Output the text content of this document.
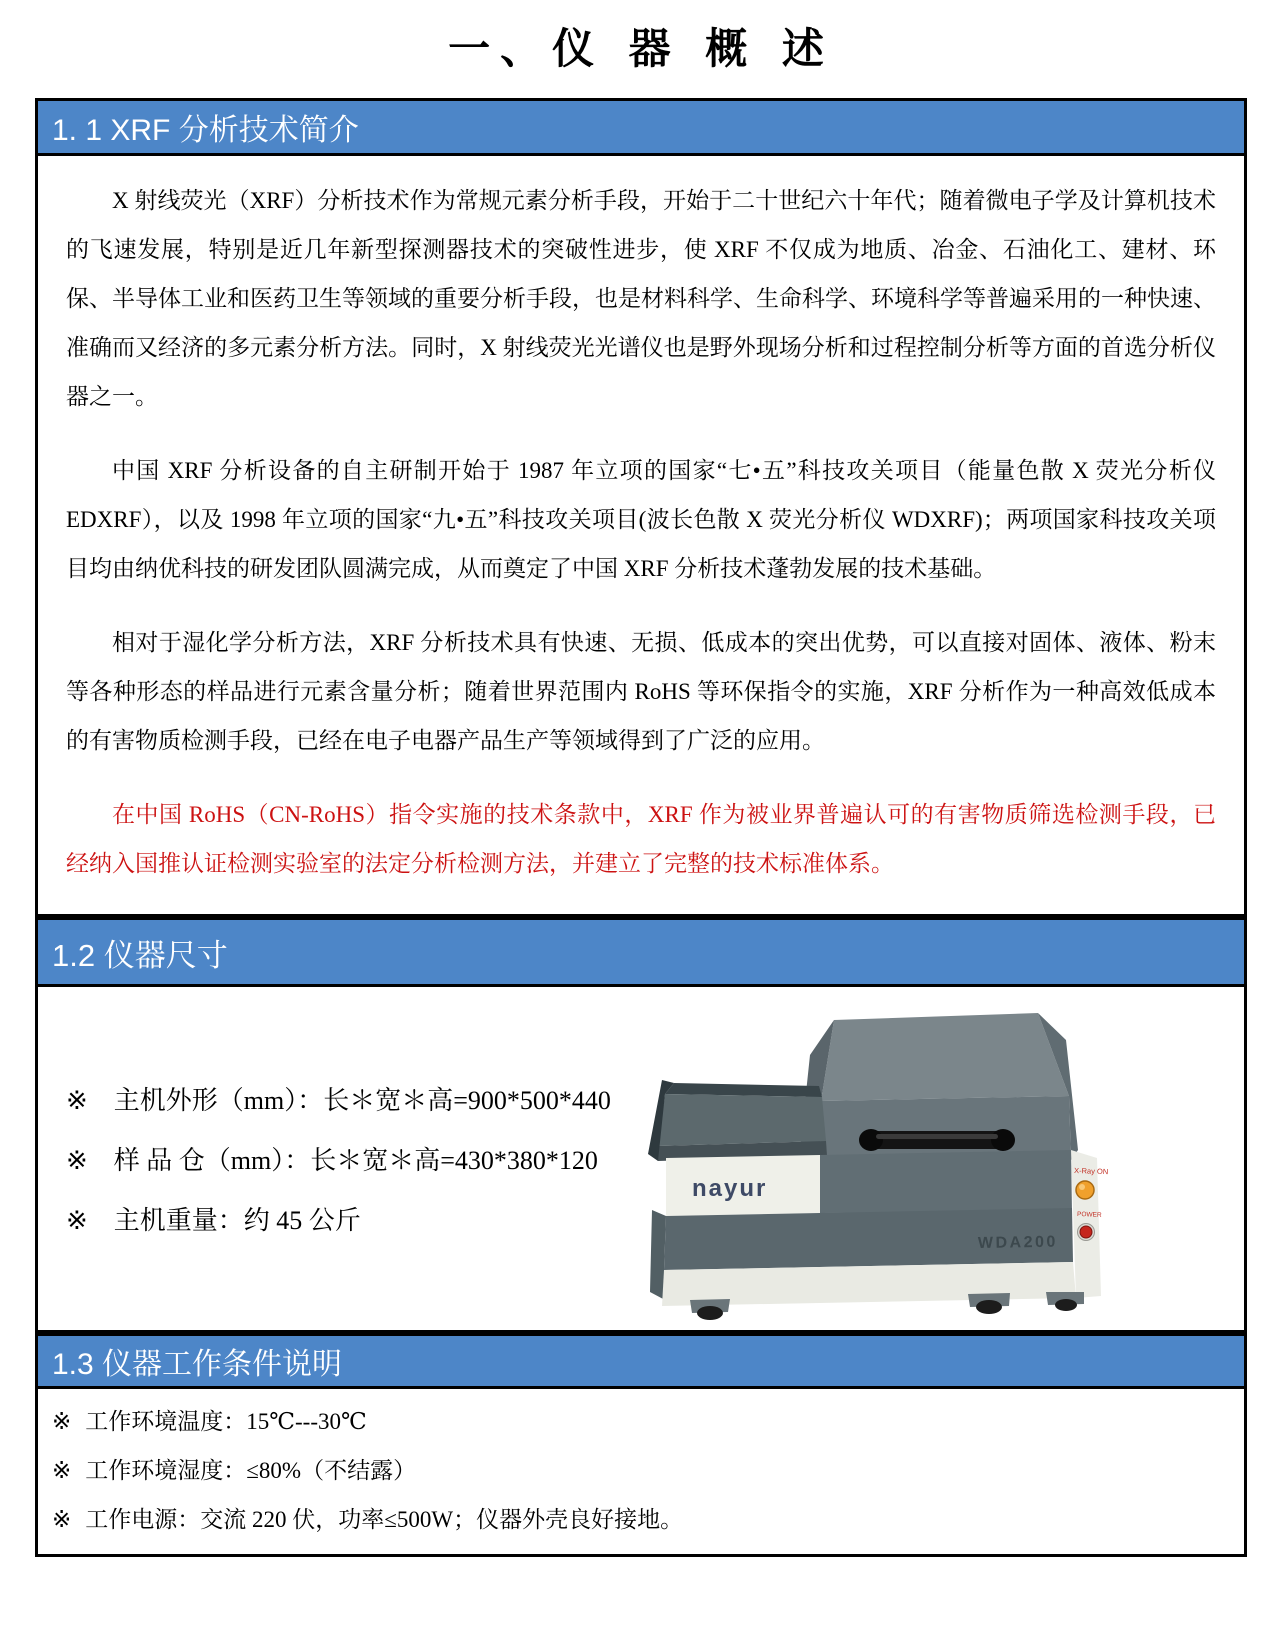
一、仪 器 概 述
1. 1 XRF 分析技术简介

X 射线荧光（XRF）分析技术作为常规元素分析手段，开始于二十世纪六十年代；随着微电子学及计算机技术的飞速发展，特别是近几年新型探测器技术的突破性进步，使 XRF 不仅成为地质、冶金、石油化工、建材、环保、半导体工业和医药卫生等领域的重要分析手段，也是材料科学、生命科学、环境科学等普遍采用的一种快速、准确而又经济的多元素分析方法。同时，X 射线荧光光谱仪也是野外现场分析和过程控制分析等方面的首选分析仪器之一。

中国 XRF 分析设备的自主研制开始于 1987 年立项的国家“七•五”科技攻关项目（能量色散 X 荧光分析仪 EDXRF），以及 1998 年立项的国家“九•五”科技攻关项目(波长色散 X 荧光分析仪 WDXRF)；两项国家科技攻关项目均由纳优科技的研发团队圆满完成，从而奠定了中国 XRF 分析技术蓬勃发展的技术基础。

相对于湿化学分析方法，XRF 分析技术具有快速、无损、低成本的突出优势，可以直接对固体、液体、粉末等各种形态的样品进行元素含量分析；随着世界范围内 RoHS 等环保指令的实施，XRF 分析作为一种高效低成本的有害物质检测手段，已经在电子电器产品生产等领域得到了广泛的应用。

在中国 RoHS（CN-RoHS）指令实施的技术条款中，XRF 作为被业界普遍认可的有害物质筛选检测手段，已经纳入国推认证检测实验室的法定分析检测方法，并建立了完整的技术标准体系。

1.2 仪器尺寸
※ 主机外形（mm）：长＊宽＊高=900*500*440
※ 样 品 仓（mm）：长＊宽＊高=430*380*120
※ 主机重量：约 45 公斤
nayur
WDA200
X-Ray ON
POWER
1.3 仪器工作条件说明
※ 工作环境温度：15℃---30℃
※ 工作环境湿度：≤80%（不结露）
※ 工作电源：交流 220 伏，功率≤500W；仪器外壳良好接地。
